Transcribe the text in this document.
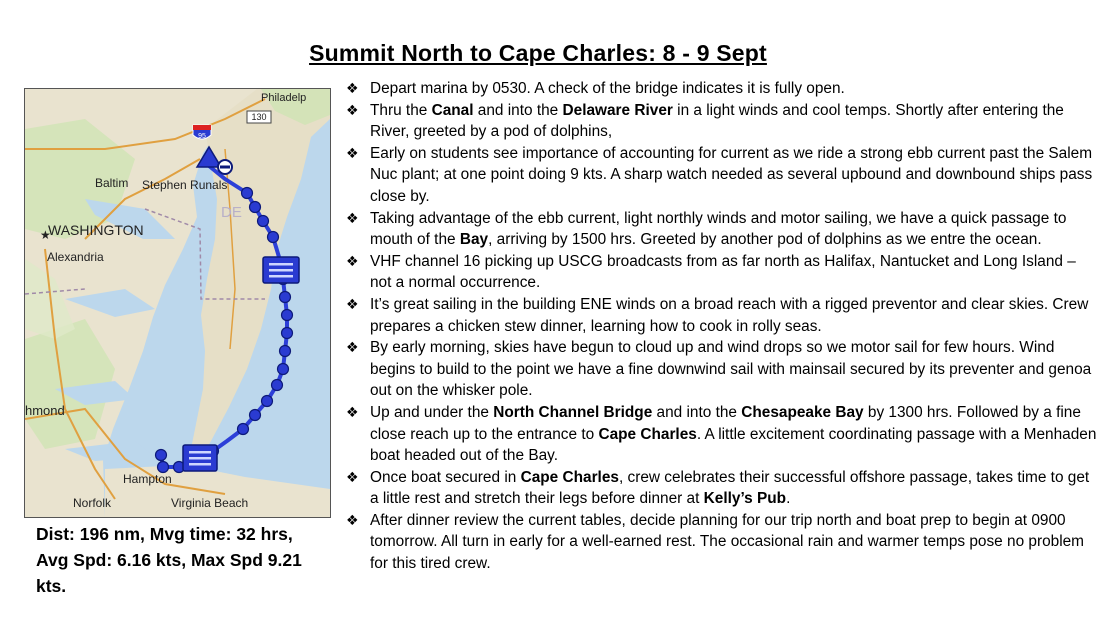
Summit North to Cape Charles: 8 - 9 Sept
95
130
Philadelp
Baltim Stephen Runals
WASHINGTON
★
Alexandria
DE
hmond
Hampton
Norfolk	Virginia Beach
Dist: 196 nm, Mvg time: 32 hrs, Avg Spd: 6.16 kts, Max Spd 9.21 kts.
❖ Depart marina by 0530. A check of the bridge indicates it is fully open.
❖ Thru the Canal and into the Delaware River in a light winds and cool temps. Shortly after entering the River, greeted by a pod of dolphins,
❖ Early on students see importance of accounting for current as we ride a strong ebb current past the Salem Nuc plant; at one point doing 9 kts. A sharp watch needed as several upbound and downbound ships pass close by.
❖ Taking advantage of the ebb current, light northly winds and motor sailing, we have a quick passage to mouth of the Bay, arriving by 1500 hrs. Greeted by another pod of dolphins as we entre the ocean.
❖ VHF channel 16 picking up USCG broadcasts from as far north as Halifax, Nantucket and Long Island – not a normal occurrence.
❖ It’s great sailing in the building ENE winds on a broad reach with a rigged preventor and clear skies. Crew prepares a chicken stew dinner, learning how to cook in rolly seas.
❖ By early morning, skies have begun to cloud up and wind drops so we motor sail for few hours. Wind begins to build to the point we have a fine downwind sail with mainsail secured by its preventer and genoa out on the whisker pole.
❖ Up and under the North Channel Bridge and into the Chesapeake Bay by 1300 hrs. Followed by a fine close reach up to the entrance to Cape Charles. A little excitement coordinating passage with a Menhaden boat headed out of the Bay.
❖ Once boat secured in Cape Charles, crew celebrates their successful offshore passage, takes time to get a little rest and stretch their legs before dinner at Kelly’s Pub.
❖ After dinner review the current tables, decide planning for our trip north and boat prep to begin at 0900 tomorrow. All turn in early for a well-earned rest. The occasional rain and warmer temps pose no problem for this tired crew.
